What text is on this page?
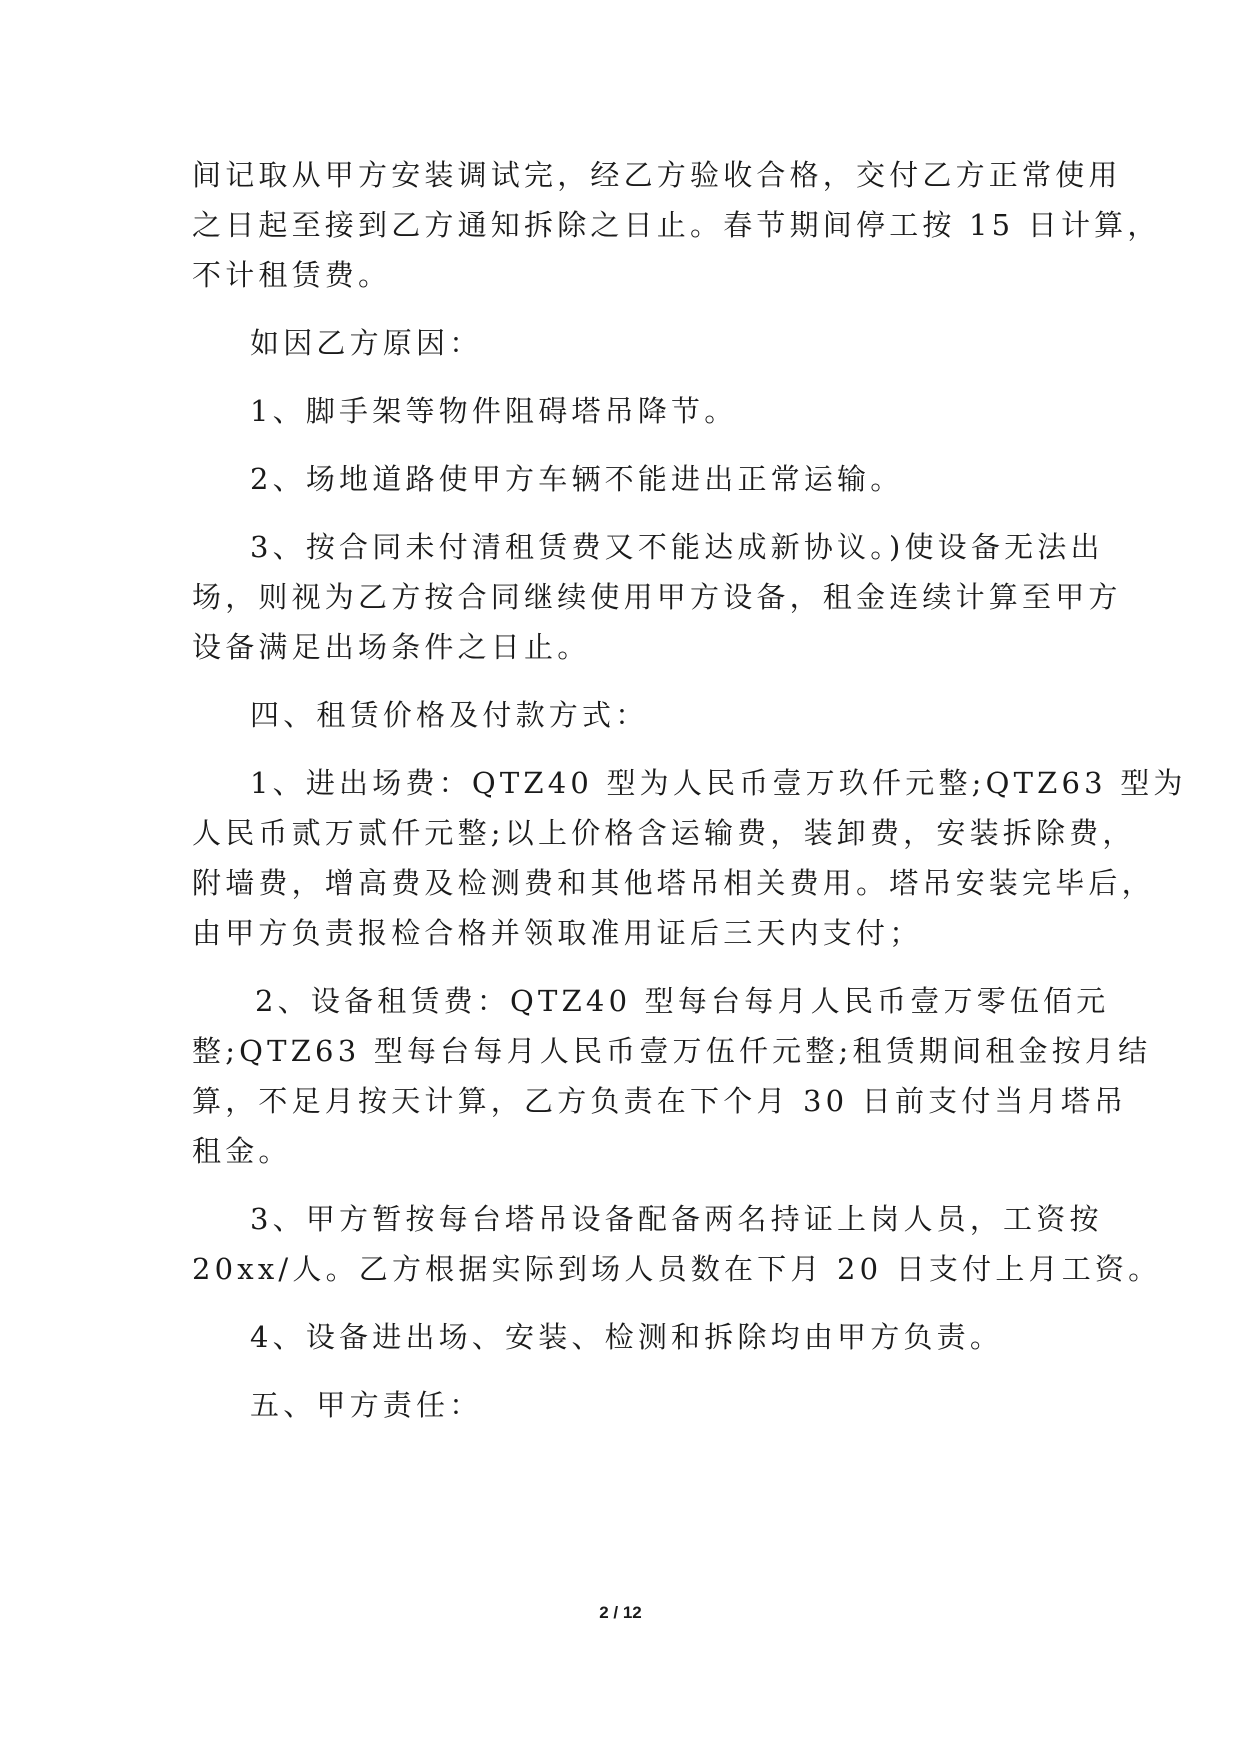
间记取从甲方安装调试完，经乙方验收合格，交付乙方正常使用
之日起至接到乙方通知拆除之日止。春节期间停工按 15 日计算，
不计租赁费。
如因乙方原因：
1、脚手架等物件阻碍塔吊降节。
2、场地道路使甲方车辆不能进出正常运输。
3、按合同未付清租赁费又不能达成新协议。)使设备无法出
场，则视为乙方按合同继续使用甲方设备，租金连续计算至甲方
设备满足出场条件之日止。
四、租赁价格及付款方式：
1、进出场费：QTZ40 型为人民币壹万玖仟元整;QTZ63 型为
人民币贰万贰仟元整;以上价格含运输费，装卸费，安装拆除费，
附墙费，增高费及检测费和其他塔吊相关费用。塔吊安装完毕后，
由甲方负责报检合格并领取准用证后三天内支付；
2、设备租赁费：QTZ40 型每台每月人民币壹万零伍佰元
整;QTZ63 型每台每月人民币壹万伍仟元整;租赁期间租金按月结
算，不足月按天计算，乙方负责在下个月 30 日前支付当月塔吊
租金。
3、甲方暂按每台塔吊设备配备两名持证上岗人员，工资按
20xx/人。乙方根据实际到场人员数在下月 20 日支付上月工资。
4、设备进出场、安装、检测和拆除均由甲方负责。
五、甲方责任：
2 / 12
